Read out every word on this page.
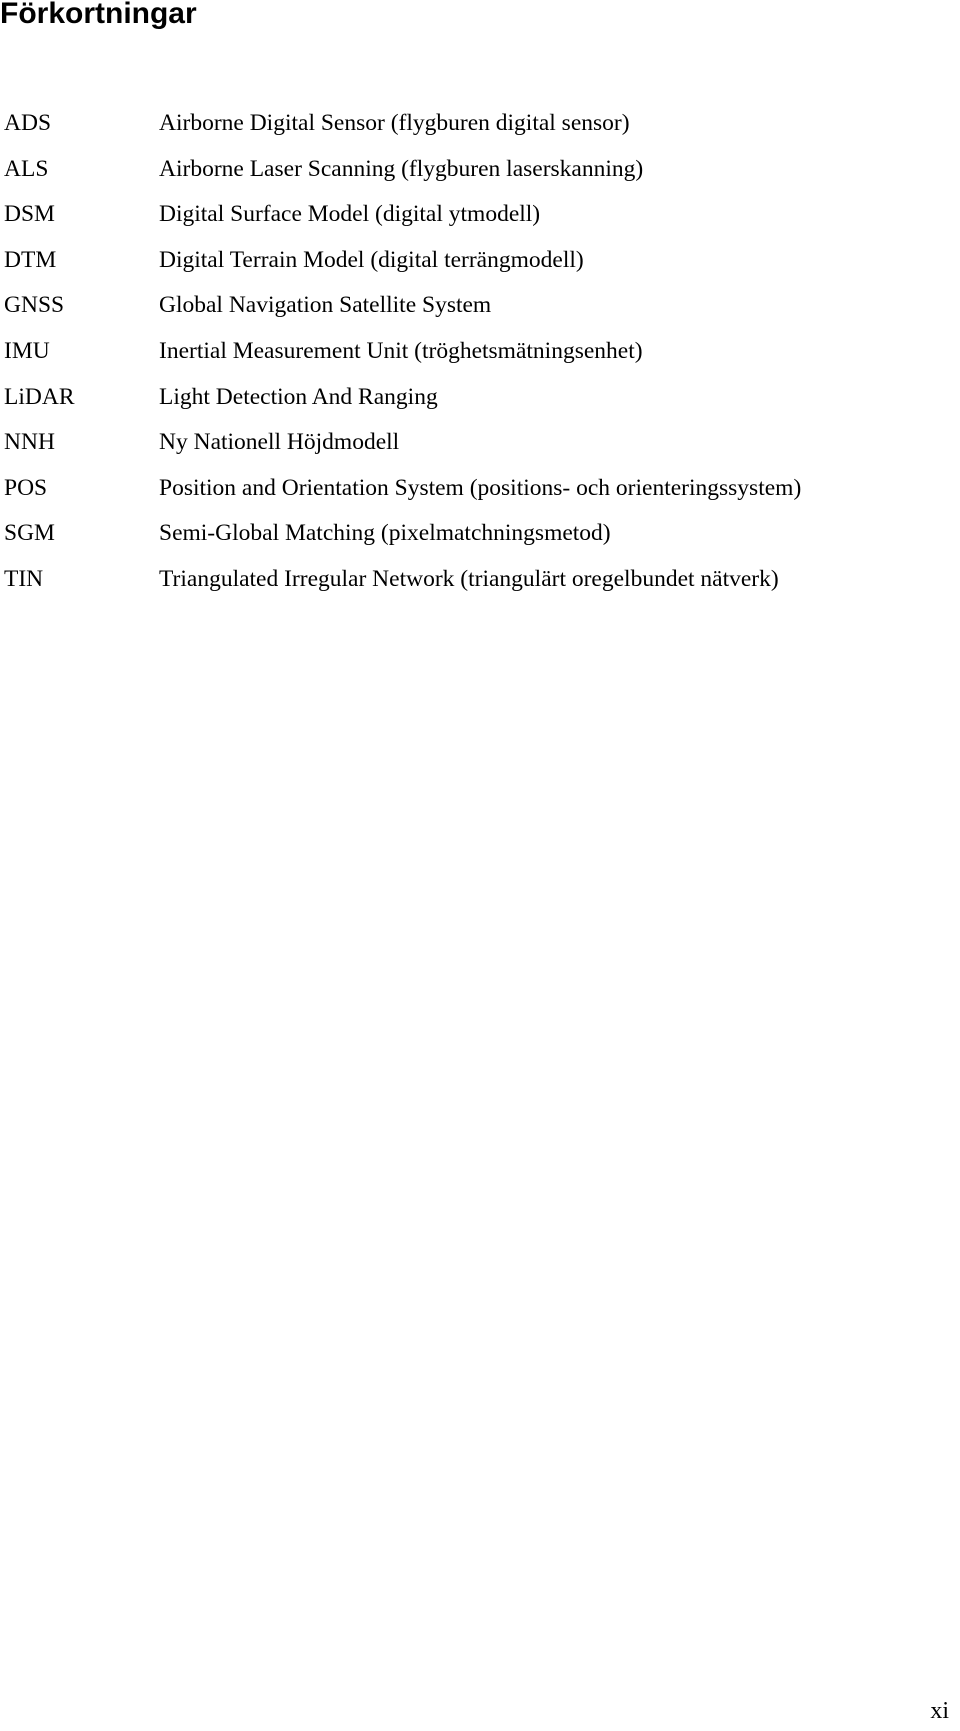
Förkortningar
ADS	Airborne Digital Sensor (flygburen digital sensor)
ALS	Airborne Laser Scanning (flygburen laserskanning)
DSM	Digital Surface Model (digital ytmodell)
DTM	Digital Terrain Model (digital terrängmodell)
GNSS	Global Navigation Satellite System
IMU	Inertial Measurement Unit (tröghetsmätningsenhet)
LiDAR	Light Detection And Ranging
NNH	Ny Nationell Höjdmodell
POS	Position and Orientation System (positions- och orienteringssystem)
SGM	Semi-Global Matching (pixelmatchningsmetod)
TIN	Triangulated Irregular Network (triangulärt oregelbundet nätverk)
xi
